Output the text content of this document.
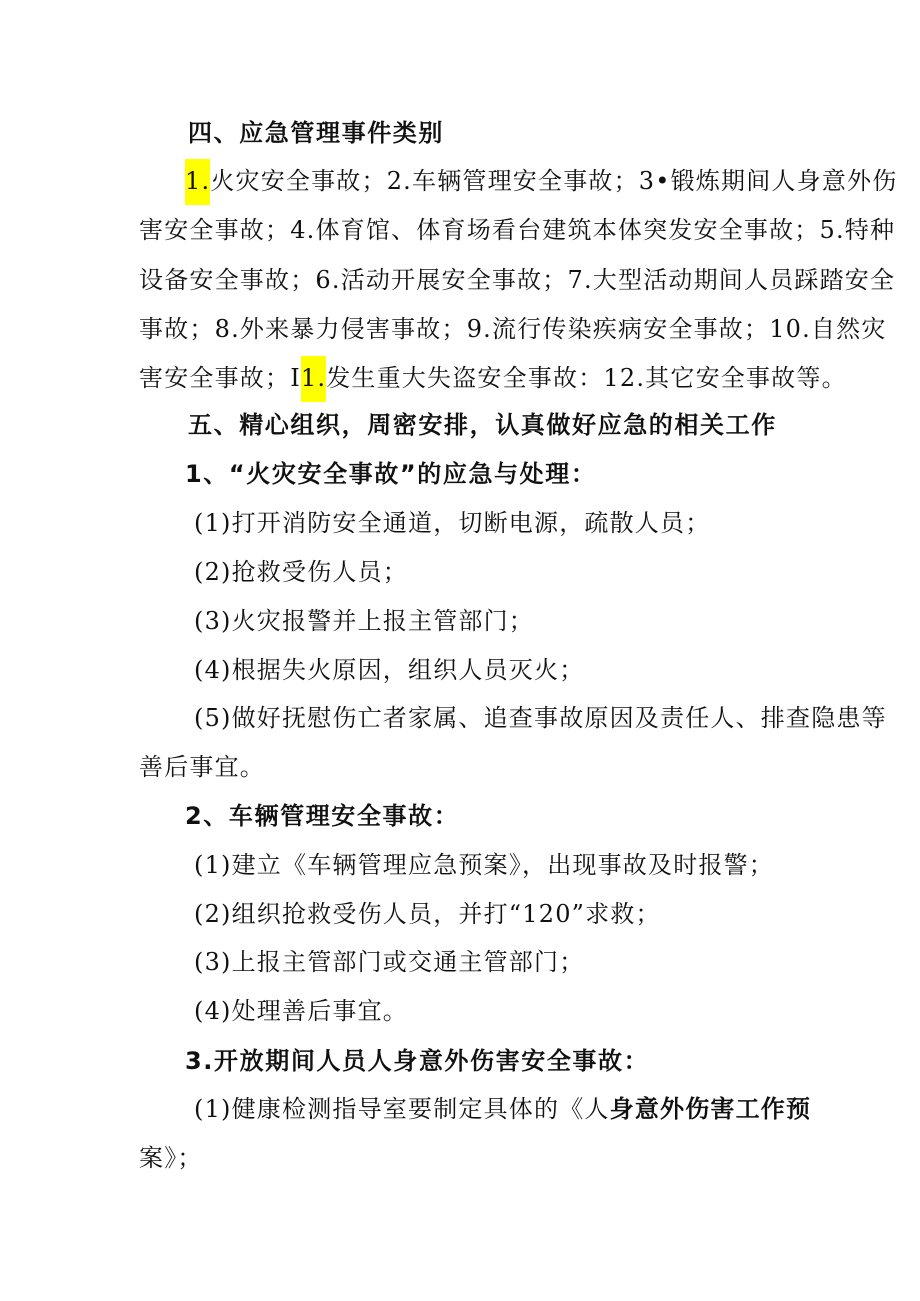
四、应急管理事件类别
1.火灾安全事故；2.车辆管理安全事故；3•锻炼期间人身意外伤
害安全事故；4.体育馆、体育场看台建筑本体突发安全事故；5.特种
设备安全事故；6.活动开展安全事故；7.大型活动期间人员踩踏安全
事故；8.外来暴力侵害事故；9.流行传染疾病安全事故；10.自然灾
害安全事故；I1.发生重大失盗安全事故：12.其它安全事故等。
五、精心组织，周密安排，认真做好应急的相关工作
1、“火灾安全事故”的应急与处理：
(1)打开消防安全通道，切断电源，疏散人员；
(2)抢救受伤人员；
(3)火灾报警并上报主管部门；
(4)根据失火原因，组织人员灭火；
(5)做好抚慰伤亡者家属、追查事故原因及责任人、排查隐患等
善后事宜。
2、车辆管理安全事故：
(1)建立《车辆管理应急预案》，出现事故及时报警；
(2)组织抢救受伤人员，并打“120”求救；
(3)上报主管部门或交通主管部门；
(4)处理善后事宜。
3.开放期间人员人身意外伤害安全事故：
(1)健康检测指导室要制定具体的《人身意外伤害工作预
案》；
